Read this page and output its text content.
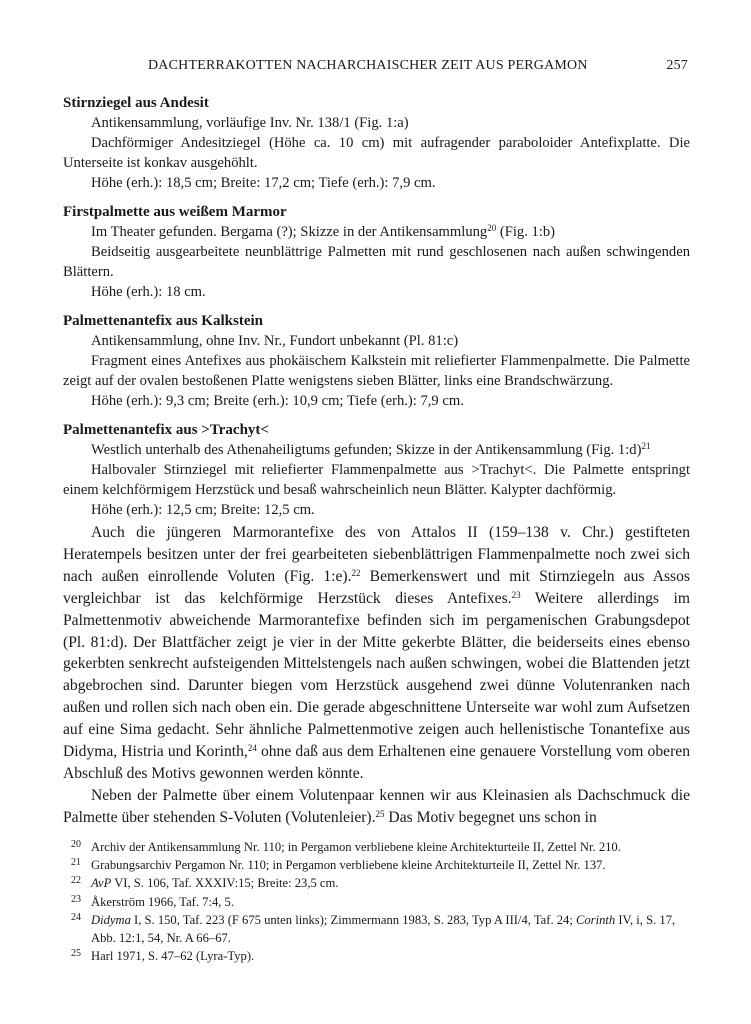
DACHTERRAKOTTEN NACHARCHAISCHER ZEIT AUS PERGAMON	257
Stirnziegel aus Andesit
Antikensammlung, vorläufige Inv. Nr. 138/1 (Fig. 1:a)
Dachförmiger Andesitziegel (Höhe ca. 10 cm) mit aufragender paraboloider Antefixplatte. Die Unterseite ist konkav ausgehöhlt.
Höhe (erh.): 18,5 cm; Breite: 17,2 cm; Tiefe (erh.): 7,9 cm.
Firstpalmette aus weißem Marmor
Im Theater gefunden. Bergama (?); Skizze in der Antikensammlung$^{20}$ (Fig. 1:b)
Beidseitig ausgearbeitete neunblättrige Palmetten mit rund geschlosenen nach außen schwingenden Blättern.
Höhe (erh.): 18 cm.
Palmettenantefix aus Kalkstein
Antikensammlung, ohne Inv. Nr., Fundort unbekannt (Pl. 81:c)
Fragment eines Antefixes aus phokäischem Kalkstein mit reliefierter Flammenpalmette. Die Palmette zeigt auf der ovalen bestoßenen Platte wenigstens sieben Blätter, links eine Brandschwärzung.
Höhe (erh.): 9,3 cm; Breite (erh.): 10,9 cm; Tiefe (erh.): 7,9 cm.
Palmettenantefix aus >Trachyt<
Westlich unterhalb des Athenaheiligtums gefunden; Skizze in der Antikensammlung (Fig. 1:d)$^{21}$
Halbovaler Stirnziegel mit reliefierter Flammenpalmette aus >Trachyt<. Die Palmette entspringt einem kelchförmigem Herzstück und besaß wahrscheinlich neun Blätter. Kalypter dachförmig.
Höhe (erh.): 12,5 cm; Breite: 12,5 cm.

Auch die jüngeren Marmorantefixe des von Attalos II (159–138 v. Chr.) gestifteten Heratempels besitzen unter der frei gearbeiteten siebenblättrigen Flammenpalmette noch zwei sich nach außen einrollende Voluten (Fig. 1:e).$^{22}$ Bemerkenswert und mit Stirnziegeln aus Assos vergleichbar ist das kelchförmige Herzstück dieses Antefixes.$^{23}$ Weitere allerdings im Palmettenmotiv abweichende Marmorantefixe befinden sich im pergamenischen Grabungsdepot (Pl. 81:d). Der Blattfächer zeigt je vier in der Mitte gekerbte Blätter, die beiderseits eines ebenso gekerbten senkrecht aufsteigenden Mittelstengels nach außen schwingen, wobei die Blattenden jetzt abgebrochen sind. Darunter biegen vom Herzstück ausgehend zwei dünne Volutenranken nach außen und rollen sich nach oben ein. Die gerade abgeschnittene Unterseite war wohl zum Aufsetzen auf eine Sima gedacht. Sehr ähnliche Palmettenmotive zeigen auch hellenistische Tonantefixe aus Didyma, Histria und Korinth,$^{24}$ ohne daß aus dem Erhaltenen eine genauere Vorstellung vom oberen Abschluß des Motivs gewonnen werden könnte.

Neben der Palmette über einem Volutenpaar kennen wir aus Kleinasien als Dachschmuck die Palmette über stehenden S-Voluten (Volutenleier).$^{25}$ Das Motiv begegnet uns schon in

20 Archiv der Antikensammlung Nr. 110; in Pergamon verbliebene kleine Architekturteile II, Zettel Nr. 210.
21 Grabungsarchiv Pergamon Nr. 110; in Pergamon verbliebene kleine Architekturteile II, Zettel Nr. 137.
22 AvP VI, S. 106, Taf. XXXIV:15; Breite: 23,5 cm.
23 Åkerström 1966, Taf. 7:4, 5.
24 Didyma I, S. 150, Taf. 223 (F 675 unten links); Zimmermann 1983, S. 283, Typ A III/4, Taf. 24; Corinth IV, i, S. 17, Abb. 12:1, 54, Nr. A 66–67.
25 Harl 1971, S. 47–62 (Lyra-Typ).
